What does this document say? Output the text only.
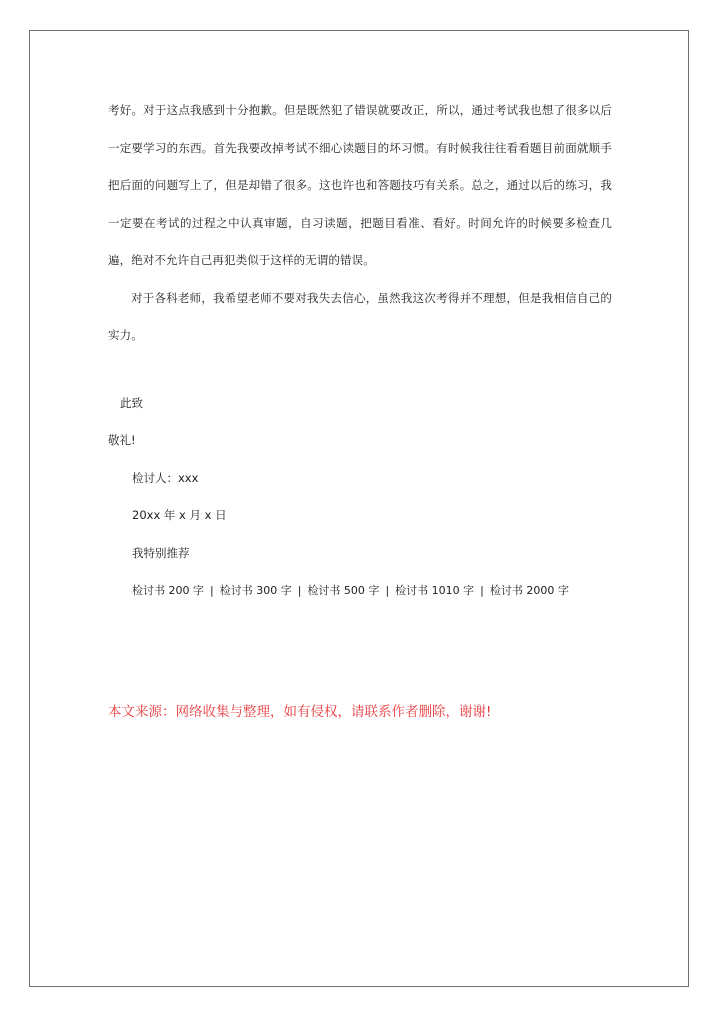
考好。对于这点我感到十分抱歉。但是既然犯了错误就要改正，所以，通过考试我也想了很多以后一定要学习的东西。首先我要改掉考试不细心读题目的坏习惯。有时候我往往看看题目前面就顺手把后面的问题写上了，但是却错了很多。这也许也和答题技巧有关系。总之，通过以后的练习，我一定要在考试的过程之中认真审题，自习读题，把题目看准、看好。时间允许的时候要多检查几遍，绝对不允许自己再犯类似于这样的无谓的错误。

对于各科老师，我希望老师不要对我失去信心，虽然我这次考得并不理想，但是我相信自己的实力。

此致

敬礼!

检讨人：xxx

20xx 年 x 月 x 日

我特别推荐

检讨书 200 字 | 检讨书 300 字 | 检讨书 500 字 | 检讨书 1010 字 | 检讨书 2000 字

本文来源：网络收集与整理，如有侵权，请联系作者删除，谢谢!
